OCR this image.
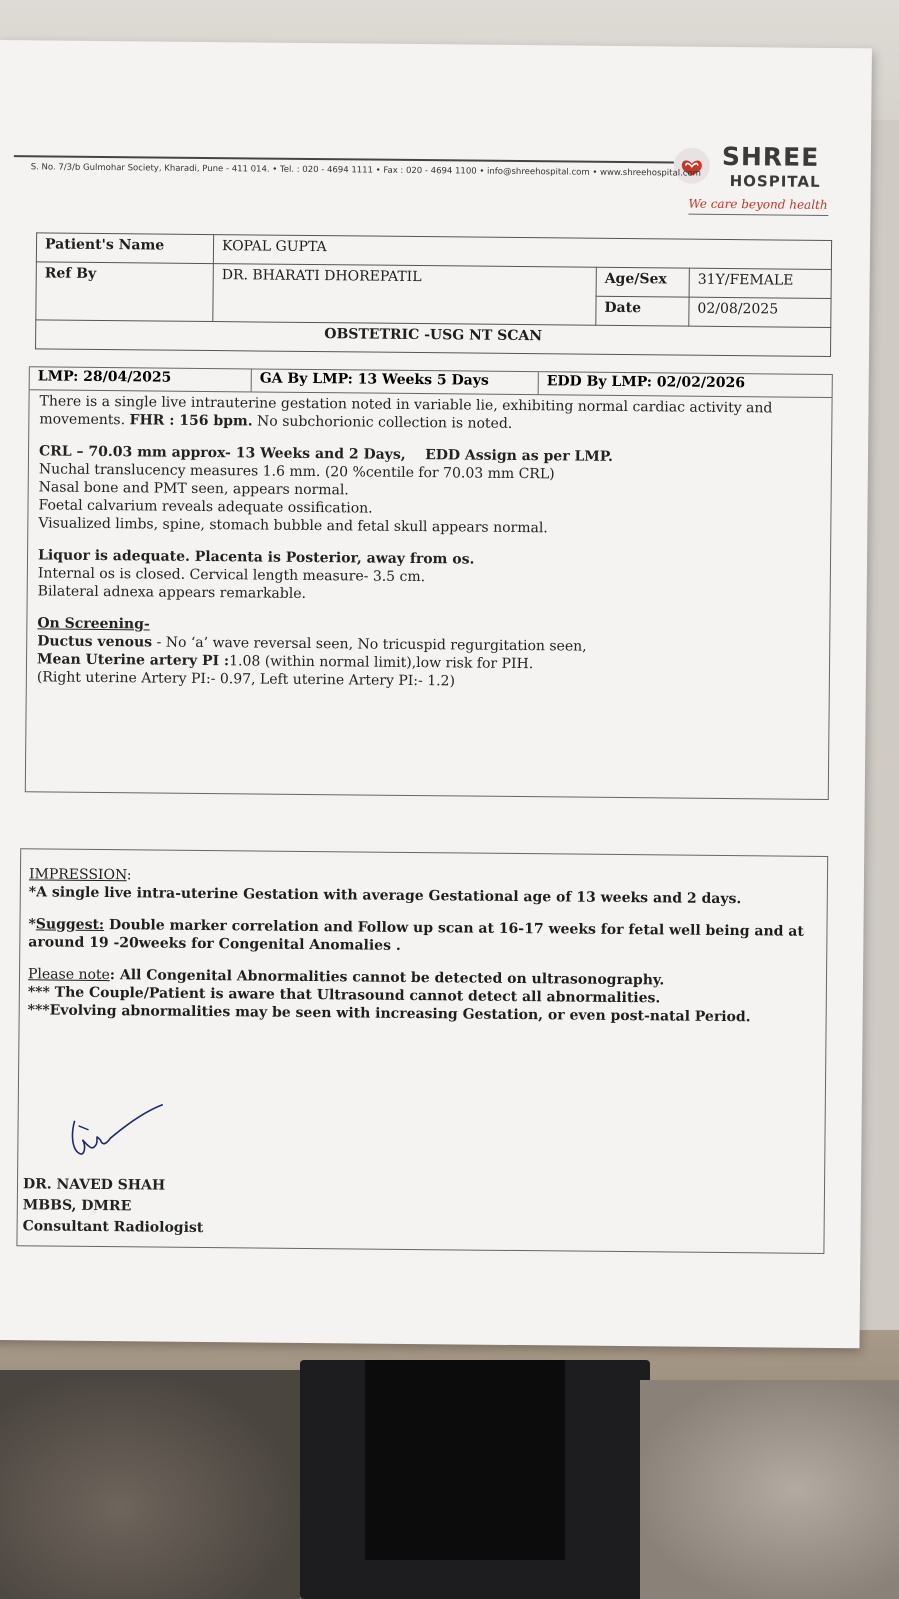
SHREE
HOSPITAL
We care beyond health
S. No. 7/3/b Gulmohar Society, Kharadi, Pune - 411 014. • Tel. : 020 - 4694 1111 • Fax : 020 - 4694 1100 • info@shreehospital.com • www.shreehospital.com
Patient's Name	KOPAL GUPTA		
Ref By	DR. BHARATI DHOREPATIL	Age/Sex	31Y/FEMALE
		Date	02/08/2025
OBSTETRIC -USG NT SCAN			
LMP: 28/04/2025	GA By LMP: 13 Weeks 5 Days	EDD By LMP: 02/02/2026

There is a single live intrauterine gestation noted in variable lie, exhibiting normal cardiac activity and movements. FHR : 156 bpm. No subchorionic collection is noted.

CRL – 70.03 mm approx- 13 Weeks and 2 Days,    EDD Assign as per LMP.
Nuchal translucency measures 1.6 mm. (20 %centile for 70.03 mm CRL)
Nasal bone and PMT seen, appears normal.
Foetal calvarium reveals adequate ossification.
Visualized limbs, spine, stomach bubble and fetal skull appears normal.

Liquor is adequate. Placenta is Posterior, away from os.
Internal os is closed. Cervical length measure- 3.5 cm.
Bilateral adnexa appears remarkable.

On Screening-
Ductus venous - No ‘a’ wave reversal seen, No tricuspid regurgitation seen,
Mean Uterine artery PI :1.08 (within normal limit),low risk for PIH.
(Right uterine Artery PI:- 0.97, Left uterine Artery PI:- 1.2)

IMPRESSION:

*A single live intra-uterine Gestation with average Gestational age of 13 weeks and 2 days.

*Suggest: Double marker correlation and Follow up scan at 16-17 weeks for fetal well being and at around 19 -20weeks for Congenital Anomalies .

Please note: All Congenital Abnormalities cannot be detected on ultrasonography.
*** The Couple/Patient is aware that Ultrasound cannot detect all abnormalities.
***Evolving abnormalities may be seen with increasing Gestation, or even post-natal Period.

DR. NAVED SHAH
MBBS, DMRE
Consultant Radiologist
